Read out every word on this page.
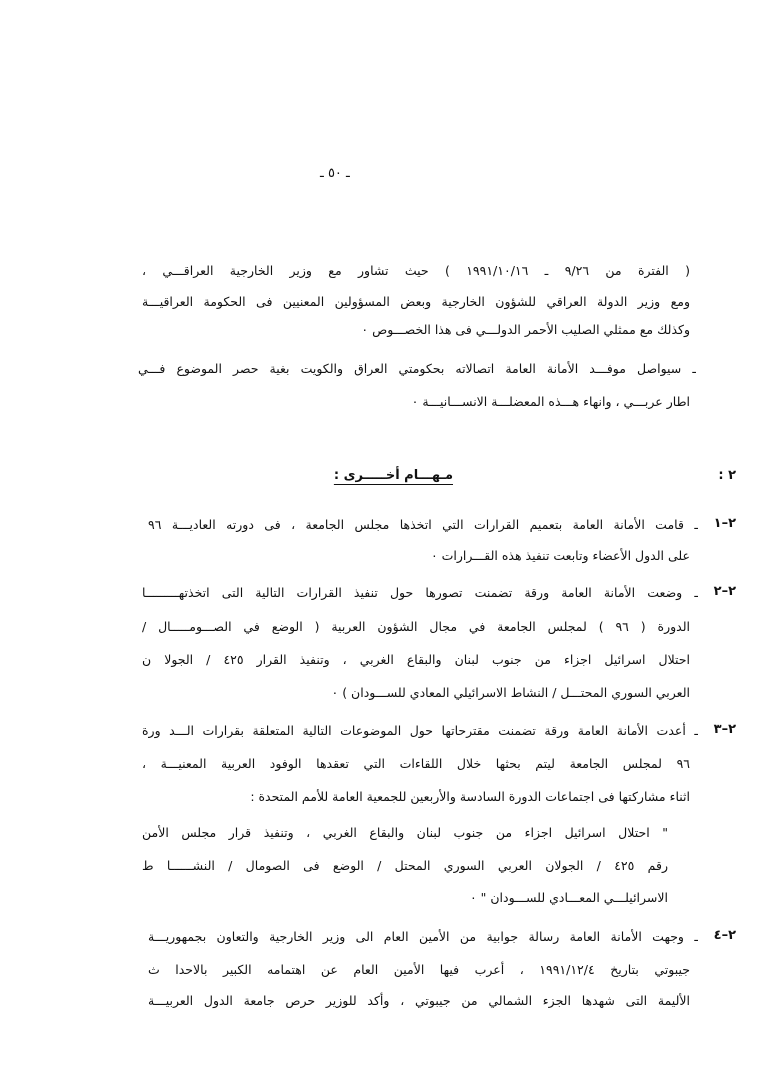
ـ ٥٠ ـ
( الفترة من ٩/٢٦ ـ ١٩٩١/١٠/١٦ ) حيث تشاور مع وزير الخارجية العراقـــي ،
ومع وزير الدولة العراقي للشؤون الخارجية وبعض المسؤولين المعنيين فى الحكومة العراقيـــة
وكذلك مع ممثلي الصليب الأحمر الدولـــي فى هذا الخصـــوص ٠
ـ سيواصل موفـــد الأمانة العامة اتصالاته بحكومتي العراق والكويت بغية حصر الموضوع فـــي
اطار عربـــي ، وانهاء هـــذه المعضلـــة الانســـانيـــة ٠
٢ :
مـهـــام أخـــــرى :
٢–١
ـ قامت الأمانة العامة بتعميم القرارات التي اتخذها مجلس الجامعة ، فى دورته العاديـــة ٩٦
على الدول الأعضاء وتابعت تنفيذ هذه القـــرارات ٠
٢–٢
ـ وضعت الأمانة العامة ورقة تضمنت تصورها حول تنفيذ القرارات التالية التى اتخذتهـــــــــا
الدورة ( ٩٦ ) لمجلس الجامعة في مجال الشؤون العربية ( الوضع في الصـــومـــــال /
احتلال اسرائيل اجزاء من جنوب لبنان والبقاع الغربي ، وتنفيذ القرار ٤٢٥ / الجولا ن
العربي السوري المحتـــل / النشاط الاسرائيلي المعادي للســـودان ) ٠
٢–٣
ـ أعدت الأمانة العامة ورقة تضمنت مقترحاتها حول الموضوعات التالية المتعلقة بقرارات الـــد ورة
٩٦ لمجلس الجامعة ليتم بحثها خلال اللقاءات التي تعقدها الوفود العربية المعنيـــة ،
اثناء مشاركتها فى اجتماعات الدورة السادسة والأربعين للجمعية العامة للأمم المتحدة :
" احتلال اسرائيل اجزاء من جنوب لبنان والبقاع الغربي ، وتنفيذ قرار مجلس الأمن
رقم ٤٢٥ / الجولان العربي السوري المحتل / الوضع فى الصومال / النشــــــا ط
الاسرائيلـــي المعـــادي للســـودان " ٠
٢–٤
ـ وجهت الأمانة العامة رسالة جوابية من الأمين العام الى وزير الخارجية والتعاون بجمهوريـــة
جيبوتي بتاريخ ١٩٩١/١٢/٤ ، أعرب فيها الأمين العام عن اهتمامه الكبير بالاحدا ث
الأليمة التى شهدها الجزء الشمالي من جيبوتي ، وأكد للوزير حرص جامعة الدول العربيـــة
